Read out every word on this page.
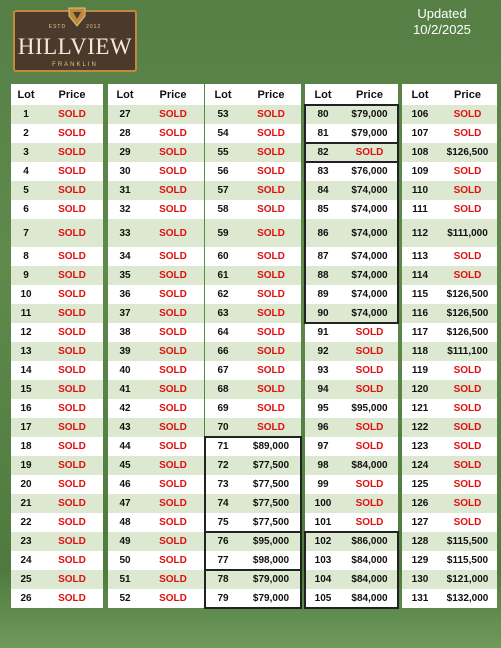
ESTD	2012
HILLVIEW
FRANKLIN
Updated
10/2/2025
Lot	Price
1	SOLD
2	SOLD
3	SOLD
4	SOLD
5	SOLD
6	SOLD
7	SOLD
8	SOLD
9	SOLD
10	SOLD
11	SOLD
12	SOLD
13	SOLD
14	SOLD
15	SOLD
16	SOLD
17	SOLD
18	SOLD
19	SOLD
20	SOLD
21	SOLD
22	SOLD
23	SOLD
24	SOLD
25	SOLD
26	SOLD
Lot	Price
27	SOLD
28	SOLD
29	SOLD
30	SOLD
31	SOLD
32	SOLD
33	SOLD
34	SOLD
35	SOLD
36	SOLD
37	SOLD
38	SOLD
39	SOLD
40	SOLD
41	SOLD
42	SOLD
43	SOLD
44	SOLD
45	SOLD
46	SOLD
47	SOLD
48	SOLD
49	SOLD
50	SOLD
51	SOLD
52	SOLD
Lot	Price
53	SOLD
54	SOLD
55	SOLD
56	SOLD
57	SOLD
58	SOLD
59	SOLD
60	SOLD
61	SOLD
62	SOLD
63	SOLD
64	SOLD
66	SOLD
67	SOLD
68	SOLD
69	SOLD
70	SOLD
71	$89,000
72	$77,500
73	$77,500
74	$77,500
75	$77,500
76	$95,000
77	$98,000
78	$79,000
79	$79,000
Lot	Price
80	$79,000
81	$79,000
82	SOLD
83	$76,000
84	$74,000
85	$74,000
86	$74,000
87	$74,000
88	$74,000
89	$74,000
90	$74,000
91	SOLD
92	SOLD
93	SOLD
94	SOLD
95	$95,000
96	SOLD
97	SOLD
98	$84,000
99	SOLD
100	SOLD
101	SOLD
102	$86,000
103	$84,000
104	$84,000
105	$84,000
Lot	Price
106	SOLD
107	SOLD
108	$126,500
109	SOLD
110	SOLD
111	SOLD
112	$111,000
113	SOLD
114	SOLD
115	$126,500
116	$126,500
117	$126,500
118	$111,100
119	SOLD
120	SOLD
121	SOLD
122	SOLD
123	SOLD
124	SOLD
125	SOLD
126	SOLD
127	SOLD
128	$115,500
129	$115,500
130	$121,000
131	$132,000
